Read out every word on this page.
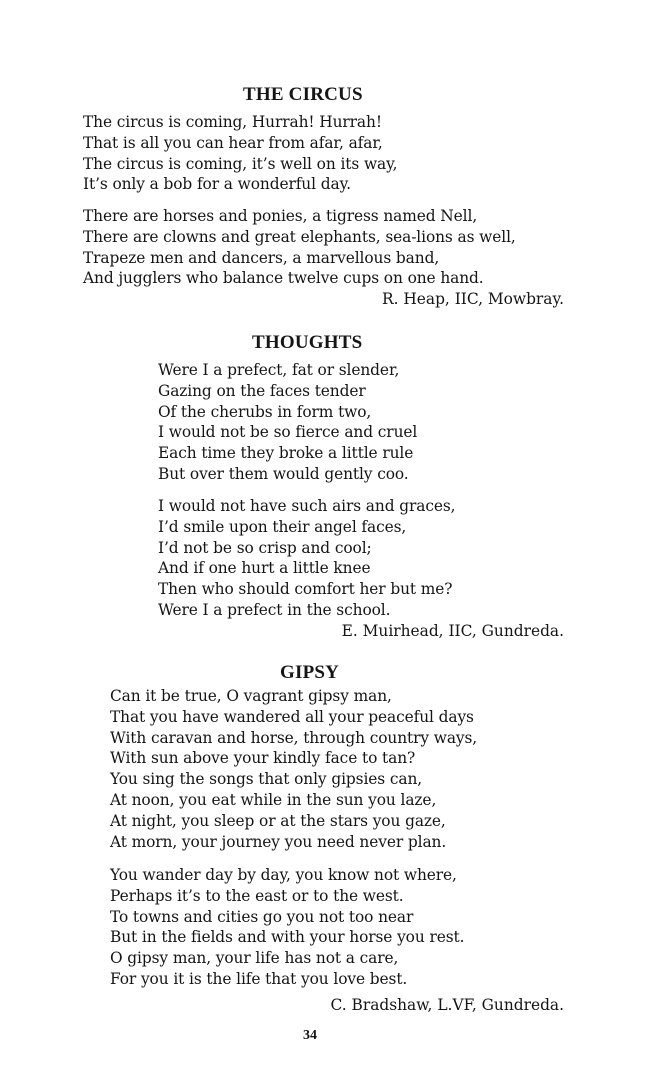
THE CIRCUS
The circus is coming, Hurrah! Hurrah!
That is all you can hear from afar, afar,
The circus is coming, it’s well on its way,
It’s only a bob for a wonderful day.
There are horses and ponies, a tigress named Nell,
There are clowns and great elephants, sea-lions as well,
Trapeze men and dancers, a marvellous band,
And jugglers who balance twelve cups on one hand.
R. Heap, IIC, Mowbray.
THOUGHTS
Were I a prefect, fat or slender,
Gazing on the faces tender
Of the cherubs in form two,
I would not be so fierce and cruel
Each time they broke a little rule
But over them would gently coo.
I would not have such airs and graces,
I’d smile upon their angel faces,
I’d not be so crisp and cool;
And if one hurt a little knee
Then who should comfort her but me?
Were I a prefect in the school.
E. Muirhead, IIC, Gundreda.
GIPSY
Can it be true, O vagrant gipsy man,
That you have wandered all your peaceful days
With caravan and horse, through country ways,
With sun above your kindly face to tan?
You sing the songs that only gipsies can,
At noon, you eat while in the sun you laze,
At night, you sleep or at the stars you gaze,
At morn, your journey you need never plan.
You wander day by day, you know not where,
Perhaps it’s to the east or to the west.
To towns and cities go you not too near
But in the fields and with your horse you rest.
O gipsy man, your life has not a care,
For you it is the life that you love best.
C. Bradshaw, L.VF, Gundreda.
34
